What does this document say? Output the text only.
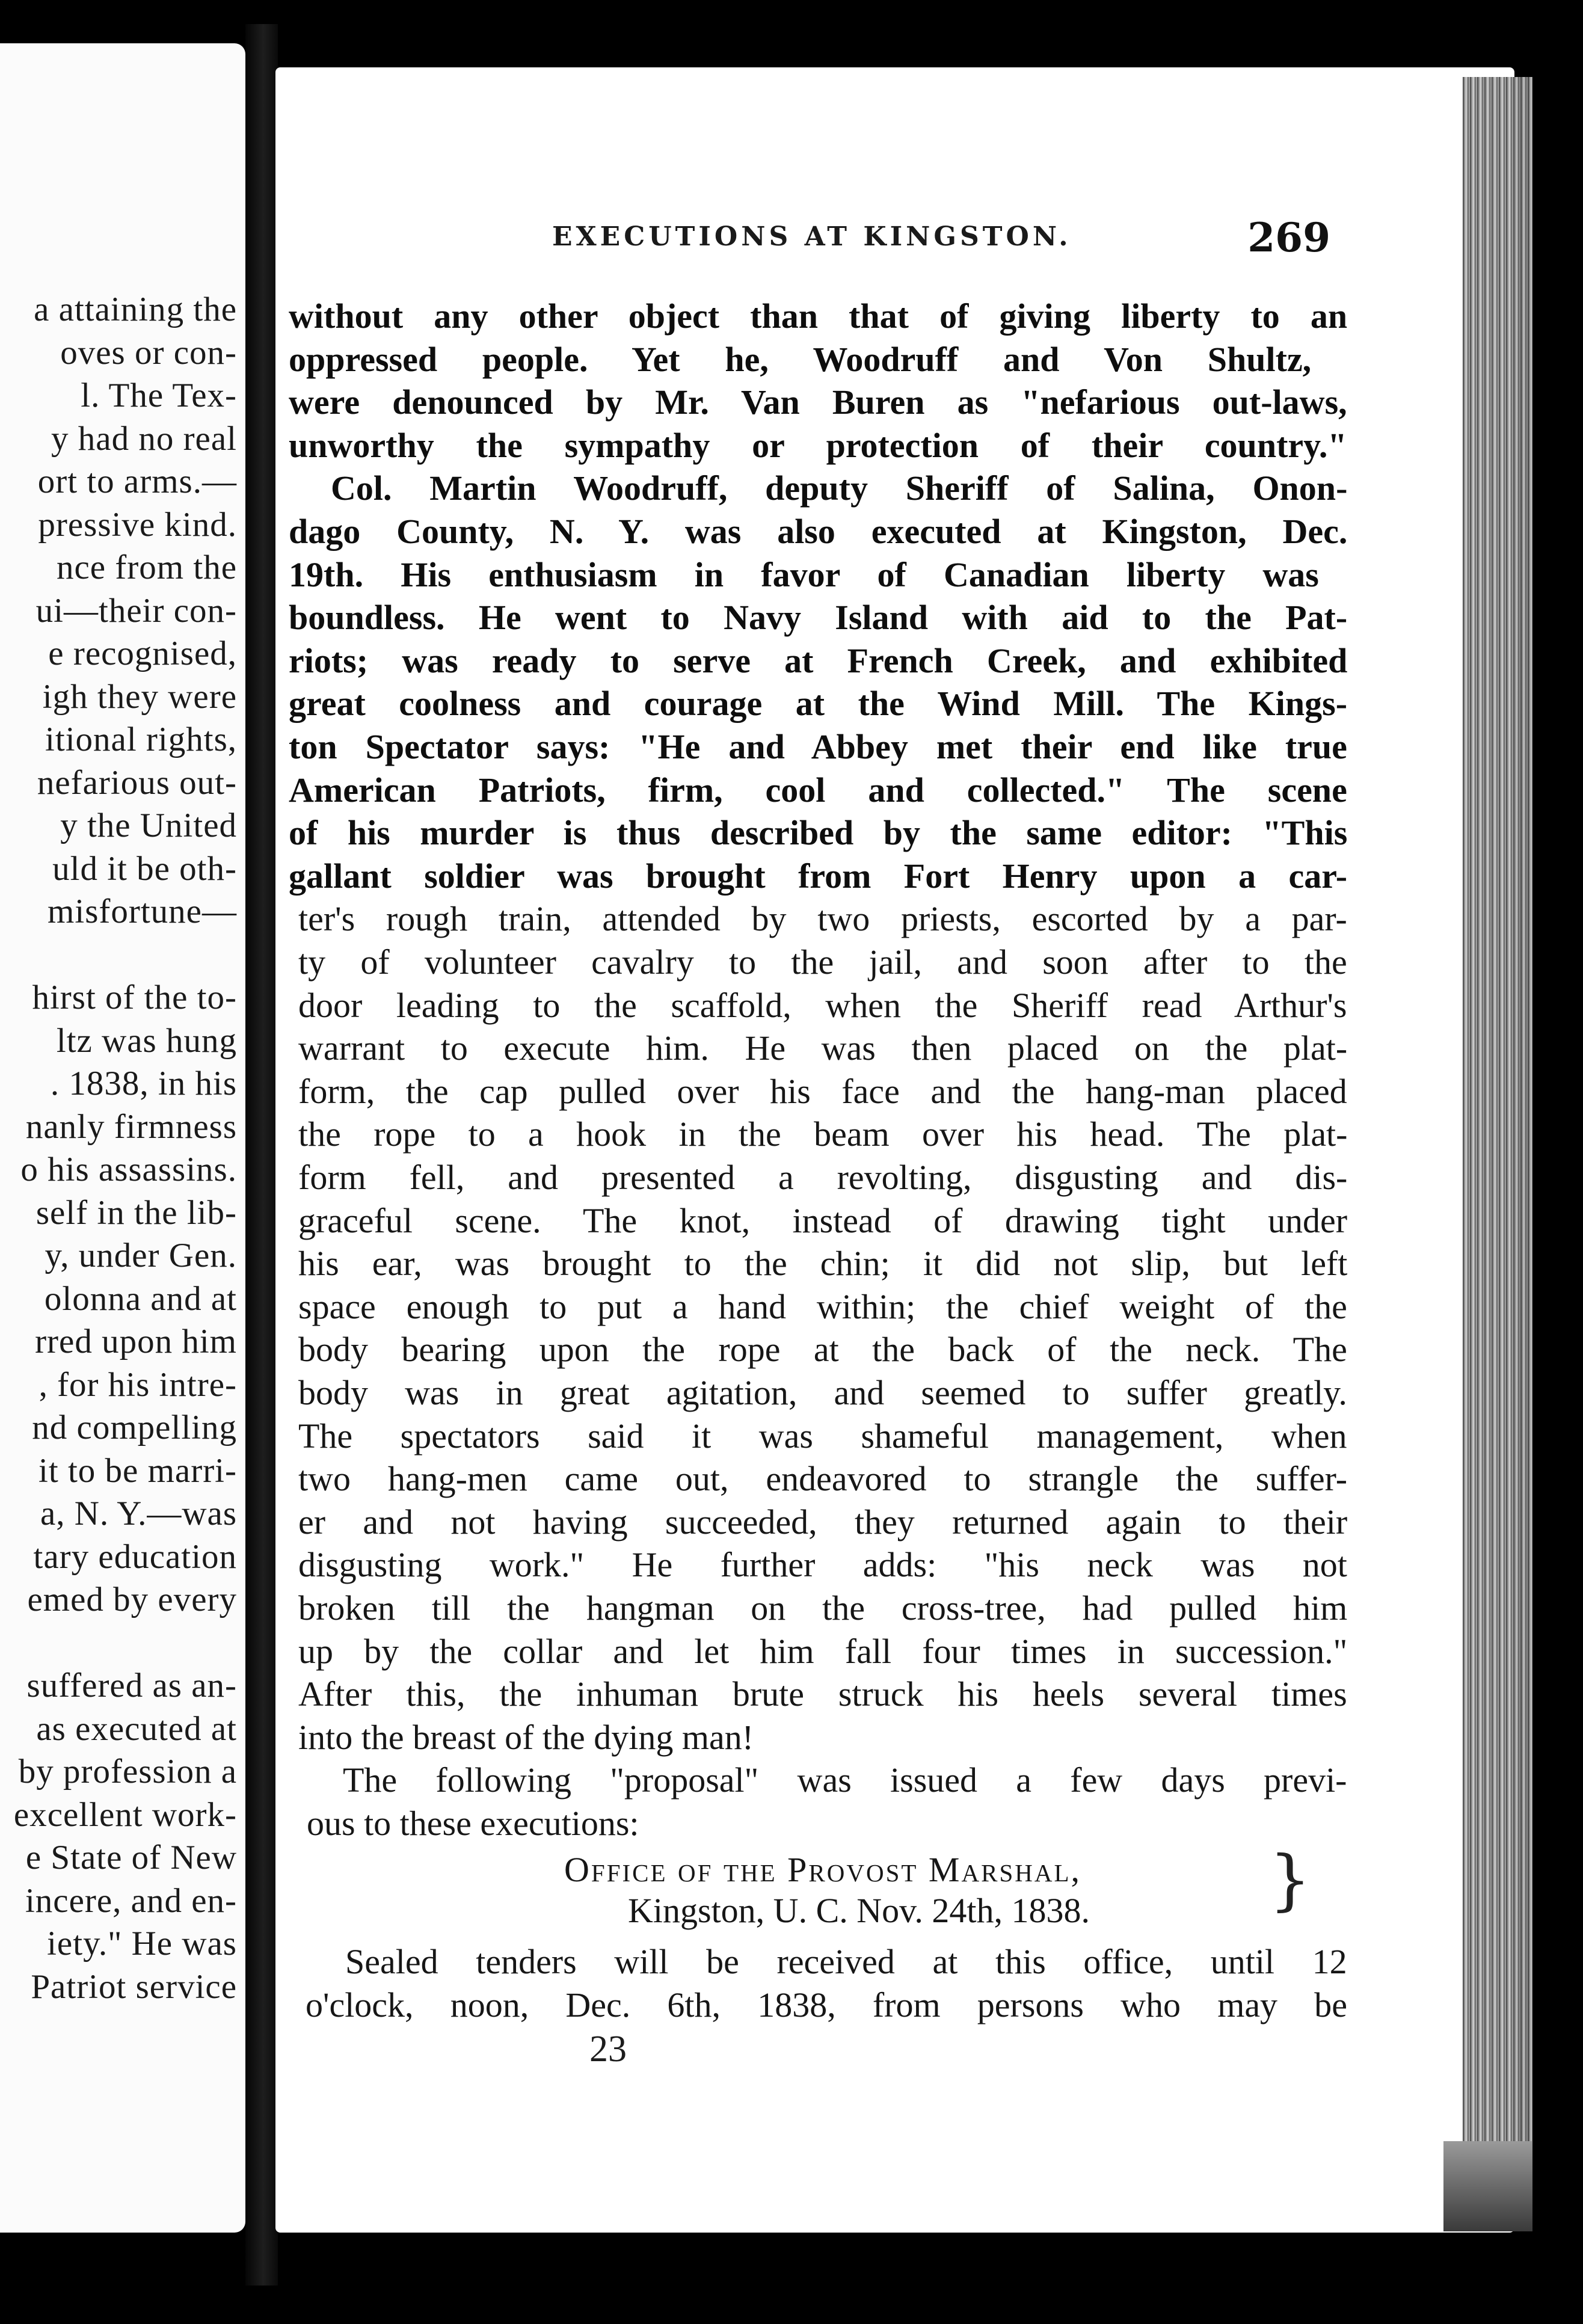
a attaining the
oves or con-
l. The Tex-
y had no real
ort to arms.—
pressive kind.
nce from the
ui—their con-
e recognised,
igh they were
itional rights,
nefarious out-
y the United
uld it be oth-
misfortune—
hirst of the to-
ltz was hung
. 1838, in his
nanly firmness
o his assassins.
self in the lib-
y, under Gen.
olonna and at
rred upon him
, for his intre-
nd compelling
it to be marri-
a, N. Y.—was
tary education
emed by every
suffered as an-
as executed at
by profession a
excellent work-
e State of New
incere, and en-
iety." He was
Patriot service
EXECUTIONS AT KINGSTON.	269
without any other object than that of giving liberty to an
oppressed people. Yet he, Woodruff and Von Shultz,
were denounced by Mr. Van Buren as "nefarious out-laws,
unworthy the sympathy or protection of their country."
Col. Martin Woodruff, deputy Sheriff of Salina, Onon-
dago County, N. Y. was also executed at Kingston, Dec.
19th. His enthusiasm in favor of Canadian liberty was
boundless. He went to Navy Island with aid to the Pat-
riots; was ready to serve at French Creek, and exhibited
great coolness and courage at the Wind Mill. The Kings-
ton Spectator says: "He and Abbey met their end like true
American Patriots, firm, cool and collected." The scene
of his murder is thus described by the same editor: "This
gallant soldier was brought from Fort Henry upon a car-
ter's rough train, attended by two priests, escorted by a par-
ty of volunteer cavalry to the jail, and soon after to the
door leading to the scaffold, when the Sheriff read Arthur's
warrant to execute him. He was then placed on the plat-
form, the cap pulled over his face and the hang-man placed
the rope to a hook in the beam over his head. The plat-
form fell, and presented a revolting, disgusting and dis-
graceful scene. The knot, instead of drawing tight under
his ear, was brought to the chin; it did not slip, but left
space enough to put a hand within; the chief weight of the
body bearing upon the rope at the back of the neck. The
body was in great agitation, and seemed to suffer greatly.
The spectators said it was shameful management, when
two hang-men came out, endeavored to strangle the suffer-
er and not having succeeded, they returned again to their
disgusting work." He further adds: "his neck was not
broken till the hangman on the cross-tree, had pulled him
up by the collar and let him fall four times in succession."
After this, the inhuman brute struck his heels several times
into the breast of the dying man!
The following "proposal" was issued a few days previ-
ous to these executions:
Office of the Provost Marshal,
Kingston, U. C. Nov. 24th, 1838.	}
Sealed tenders will be received at this office, until 12
o'clock, noon, Dec. 6th, 1838, from persons who may be
23
